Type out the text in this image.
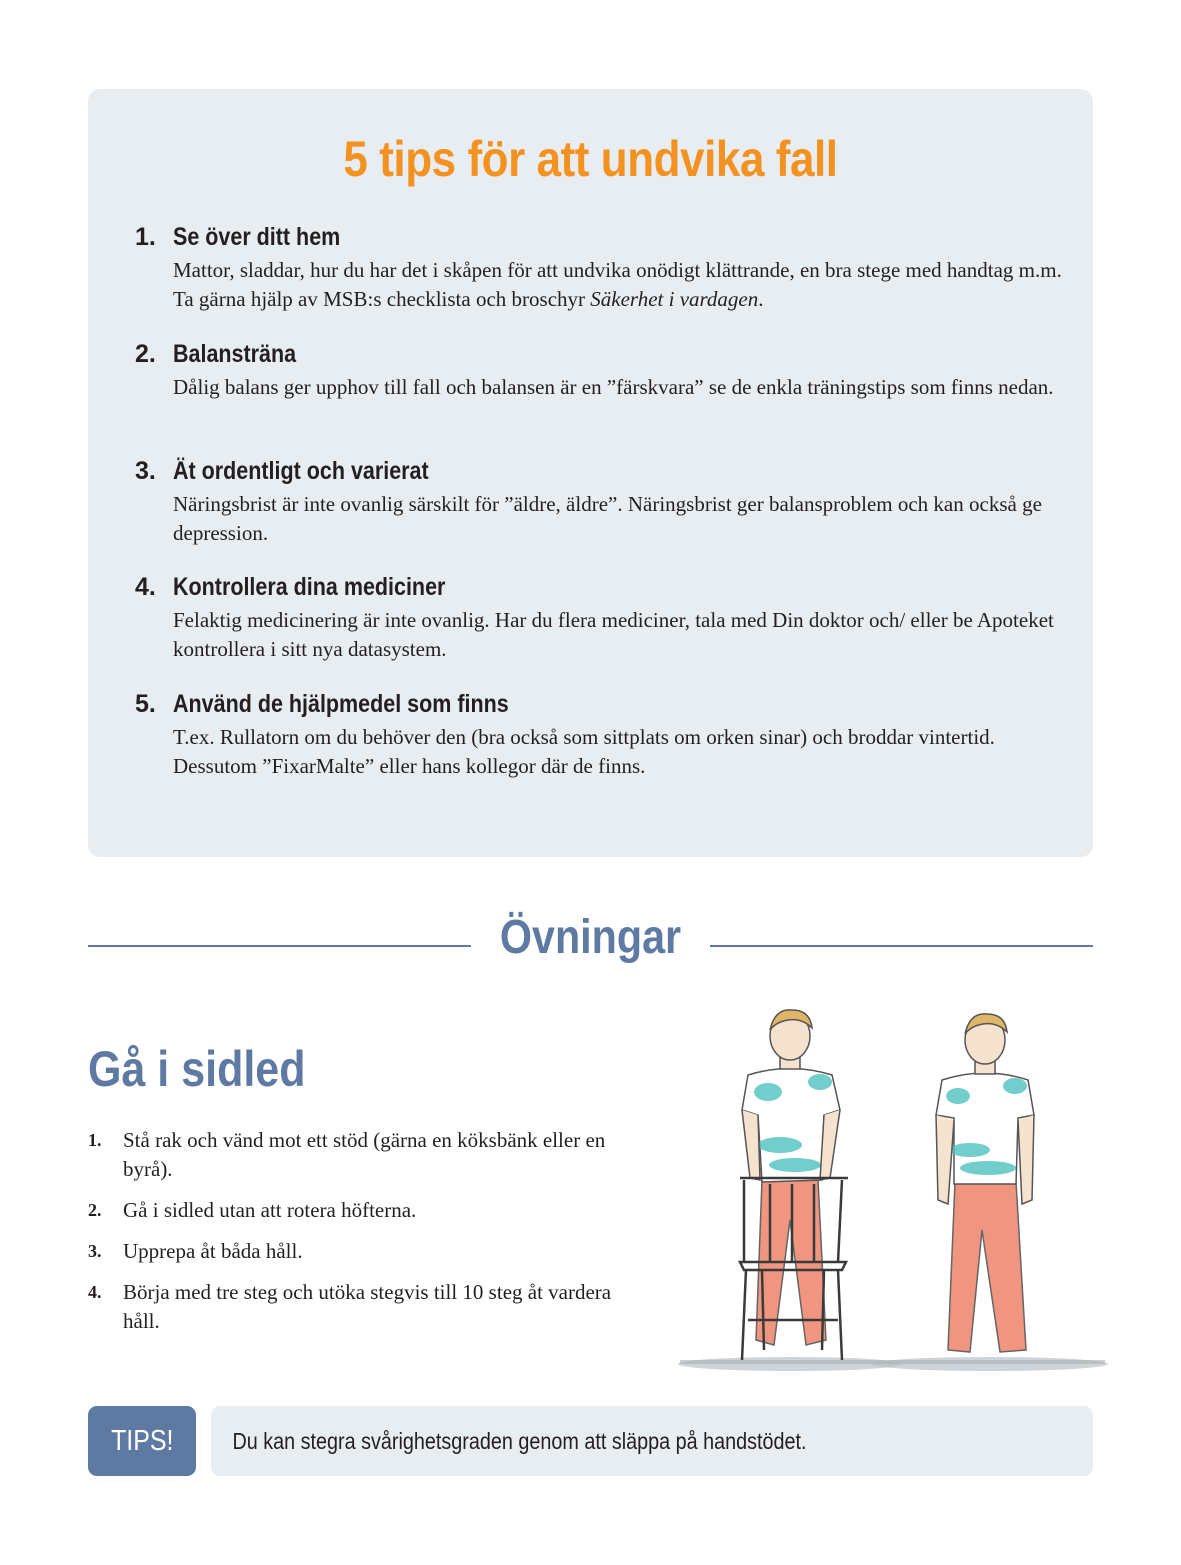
5 tips för att undvika fall
1. Se över ditt hem
Mattor, sladdar, hur du har det i skåpen för att undvika onödigt klättrande, en bra stege med handtag m.m. Ta gärna hjälp av MSB:s checklista och broschyr Säkerhet i vardagen.
2. Balansträna
Dålig balans ger upphov till fall och balansen är en ”färskvara” se de enkla träningstips som finns nedan.
3. Ät ordentligt och varierat
Näringsbrist är inte ovanlig särskilt för ”äldre, äldre”. Näringsbrist ger balansproblem och kan också ge depression.
4. Kontrollera dina mediciner
Felaktig medicinering är inte ovanlig. Har du flera mediciner, tala med Din doktor och/ eller be Apoteket kontrollera i sitt nya datasystem.
5. Använd de hjälpmedel som finns
T.ex. Rullatorn om du behöver den (bra också som sittplats om orken sinar) och broddar vintertid. Dessutom ”FixarMalte” eller hans kollegor där de finns.
Övningar
Gå i sidled
1. Stå rak och vänd mot ett stöd (gärna en köksbänk eller en byrå).
2. Gå i sidled utan att rotera höfterna.
3. Upprepa åt båda håll.
4. Börja med tre steg och utöka stegvis till 10 steg åt vardera håll.
TIPS!	Du kan stegra svårighetsgraden genom att släppa på handstödet.
